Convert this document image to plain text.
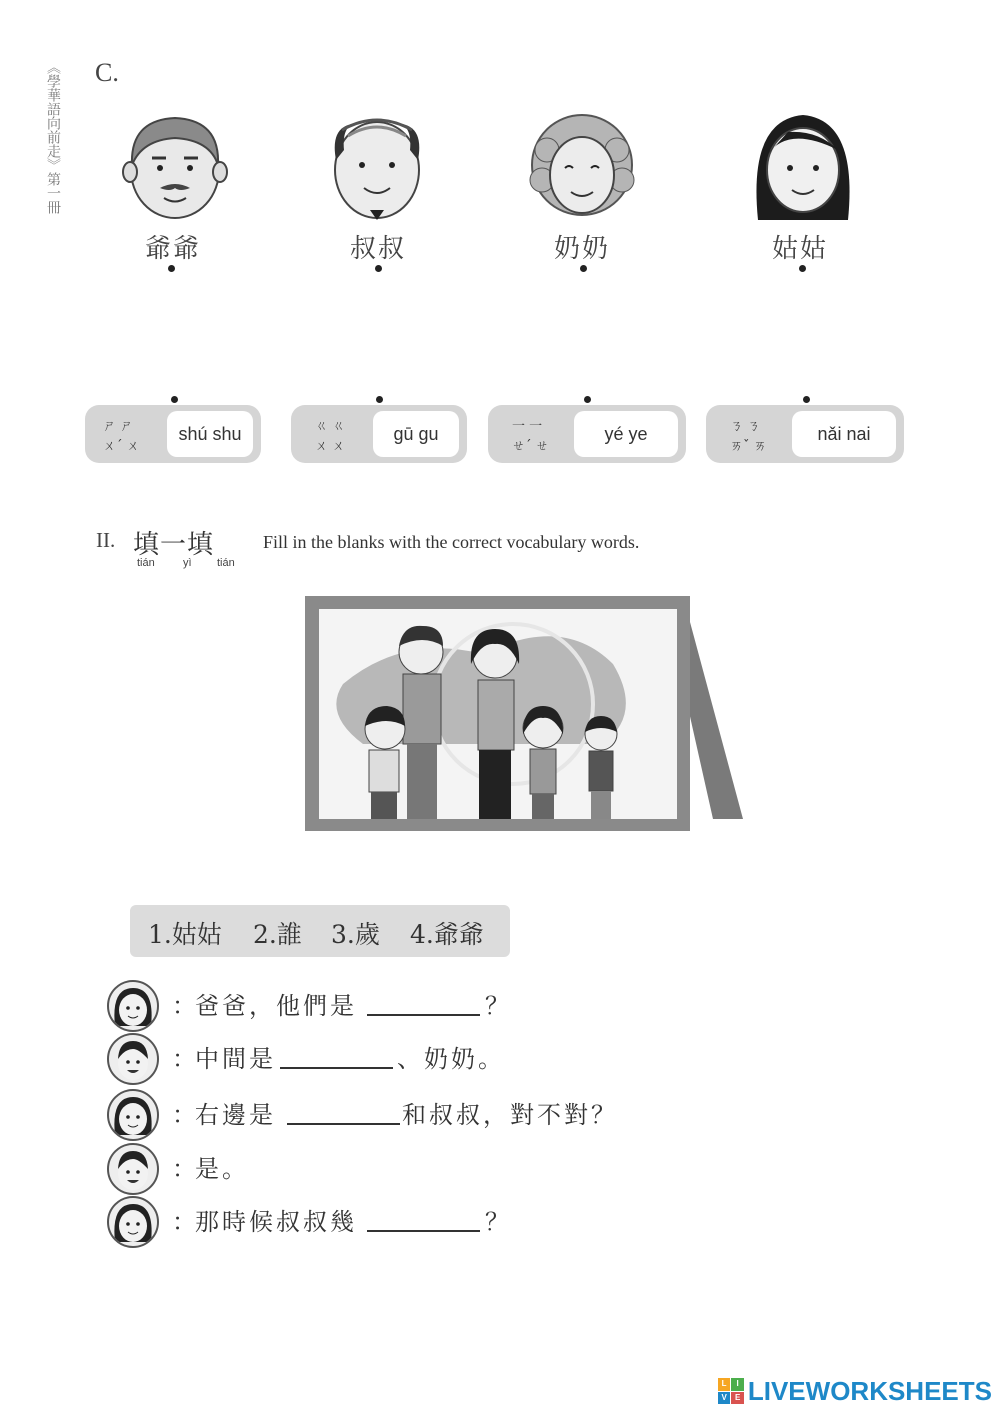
《學華語向前走》第一冊 C.
爺爺	叔叔	奶奶	姑姑
ㄕ ㄕ
ㄨˊ ㄨ
shú shu	ㄍ ㄍ
ㄨ ㄨ
gū gu	一 一
ㄝˊ ㄝ
yé ye	ㄋ ㄋ
ㄞˇ ㄞ
nǎi nai
II. 填一填
tián	yì tián
Fill in the blanks with the correct vocabulary words.
1.姑姑 2.誰 3.歲 4.爺爺
： 爸爸，他們是	？
： 中間是	、奶奶。
： 右邊是	和叔叔，對不對？
： 是。
： 那時候叔叔幾	？
L	I
V	E LIVEWORKSHEETS
